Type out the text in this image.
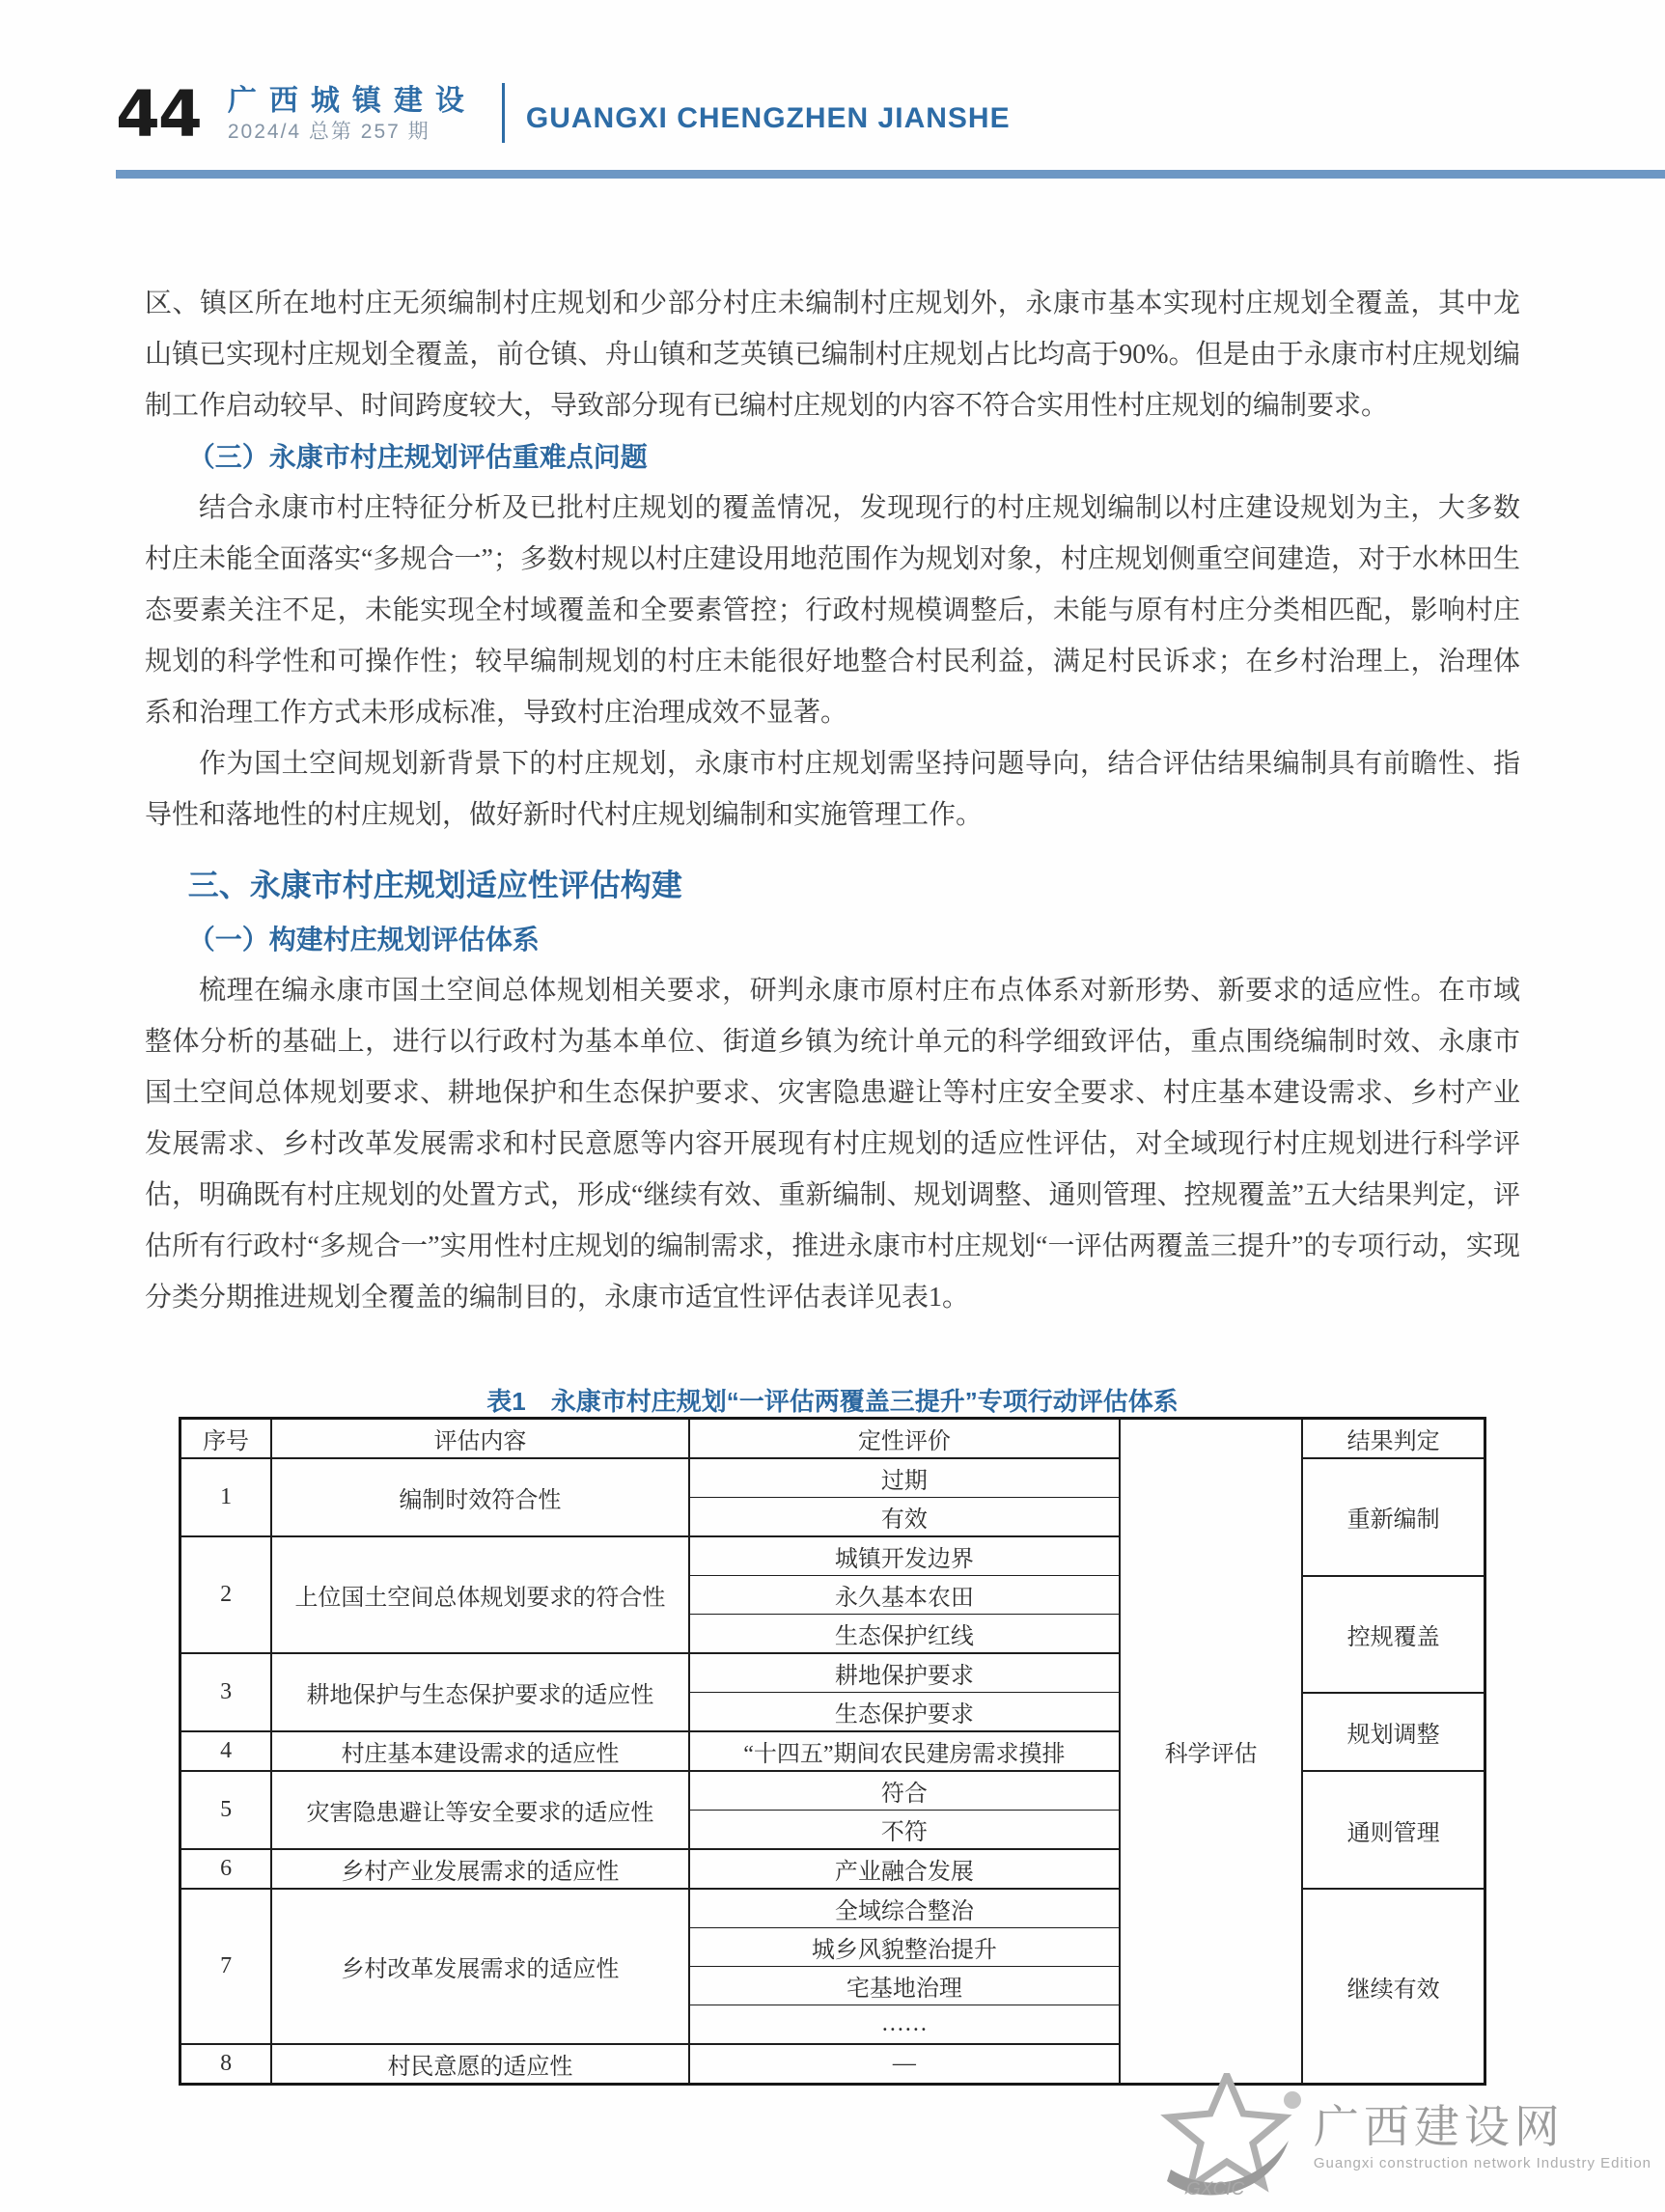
44 广西城镇建设
2024/4 总第 257 期	GUANGXI CHENGZHEN JIANSHE

区、镇区所在地村庄无须编制村庄规划和少部分村庄未编制村庄规划外，永康市基本实现村庄规划全覆盖，其中龙山镇已实现村庄规划全覆盖，前仓镇、舟山镇和芝英镇已编制村庄规划占比均高于90%。但是由于永康市村庄规划编制工作启动较早、时间跨度较大，导致部分现有已编村庄规划的内容不符合实用性村庄规划的编制要求。

（三）永康市村庄规划评估重难点问题

结合永康市村庄特征分析及已批村庄规划的覆盖情况，发现现行的村庄规划编制以村庄建设规划为主，大多数村庄未能全面落实“多规合一”；多数村规以村庄建设用地范围作为规划对象，村庄规划侧重空间建造，对于水林田生态要素关注不足，未能实现全村域覆盖和全要素管控；行政村规模调整后，未能与原有村庄分类相匹配，影响村庄规划的科学性和可操作性；较早编制规划的村庄未能很好地整合村民利益，满足村民诉求；在乡村治理上，治理体系和治理工作方式未形成标准，导致村庄治理成效不显著。

作为国土空间规划新背景下的村庄规划，永康市村庄规划需坚持问题导向，结合评估结果编制具有前瞻性、指导性和落地性的村庄规划，做好新时代村庄规划编制和实施管理工作。

三、永康市村庄规划适应性评估构建
（一）构建村庄规划评估体系

梳理在编永康市国土空间总体规划相关要求，研判永康市原村庄布点体系对新形势、新要求的适应性。在市域整体分析的基础上，进行以行政村为基本单位、街道乡镇为统计单元的科学细致评估，重点围绕编制时效、永康市国土空间总体规划要求、耕地保护和生态保护要求、灾害隐患避让等村庄安全要求、村庄基本建设需求、乡村产业发展需求、乡村改革发展需求和村民意愿等内容开展现有村庄规划的适应性评估，对全域现行村庄规划进行科学评估，明确既有村庄规划的处置方式，形成“继续有效、重新编制、规划调整、通则管理、控规覆盖”五大结果判定，评估所有行政村“多规合一”实用性村庄规划的编制需求，推进永康市村庄规划“一评估两覆盖三提升”的专项行动，实现分类分期推进规划全覆盖的编制目的，永康市适宜性评估表详见表1。

表1　永康市村庄规划“一评估两覆盖三提升”专项行动评估体系
序号	评估内容	定性评价	科学评估	结果判定
1	编制时效符合性	过期		重新编制
		有效		
2	上位国土空间总体规划要求的符合性	城镇开发边界		
		永久基本农田		控规覆盖
		生态保护红线		
3	耕地保护与生态保护要求的适应性	耕地保护要求		
		生态保护要求		规划调整
4	村庄基本建设需求的适应性	“十四五”期间农民建房需求摸排		
5	灾害隐患避让等安全要求的适应性	符合		通则管理
		不符		
6	乡村产业发展需求的适应性	产业融合发展		
7	乡村改革发展需求的适应性	全域综合整治		继续有效
		城乡风貌整治提升		
		宅基地治理		
		……		
8	村民意愿的适应性	—		
GXCIC
广西建设网
Guangxi construction network Industry Edition
